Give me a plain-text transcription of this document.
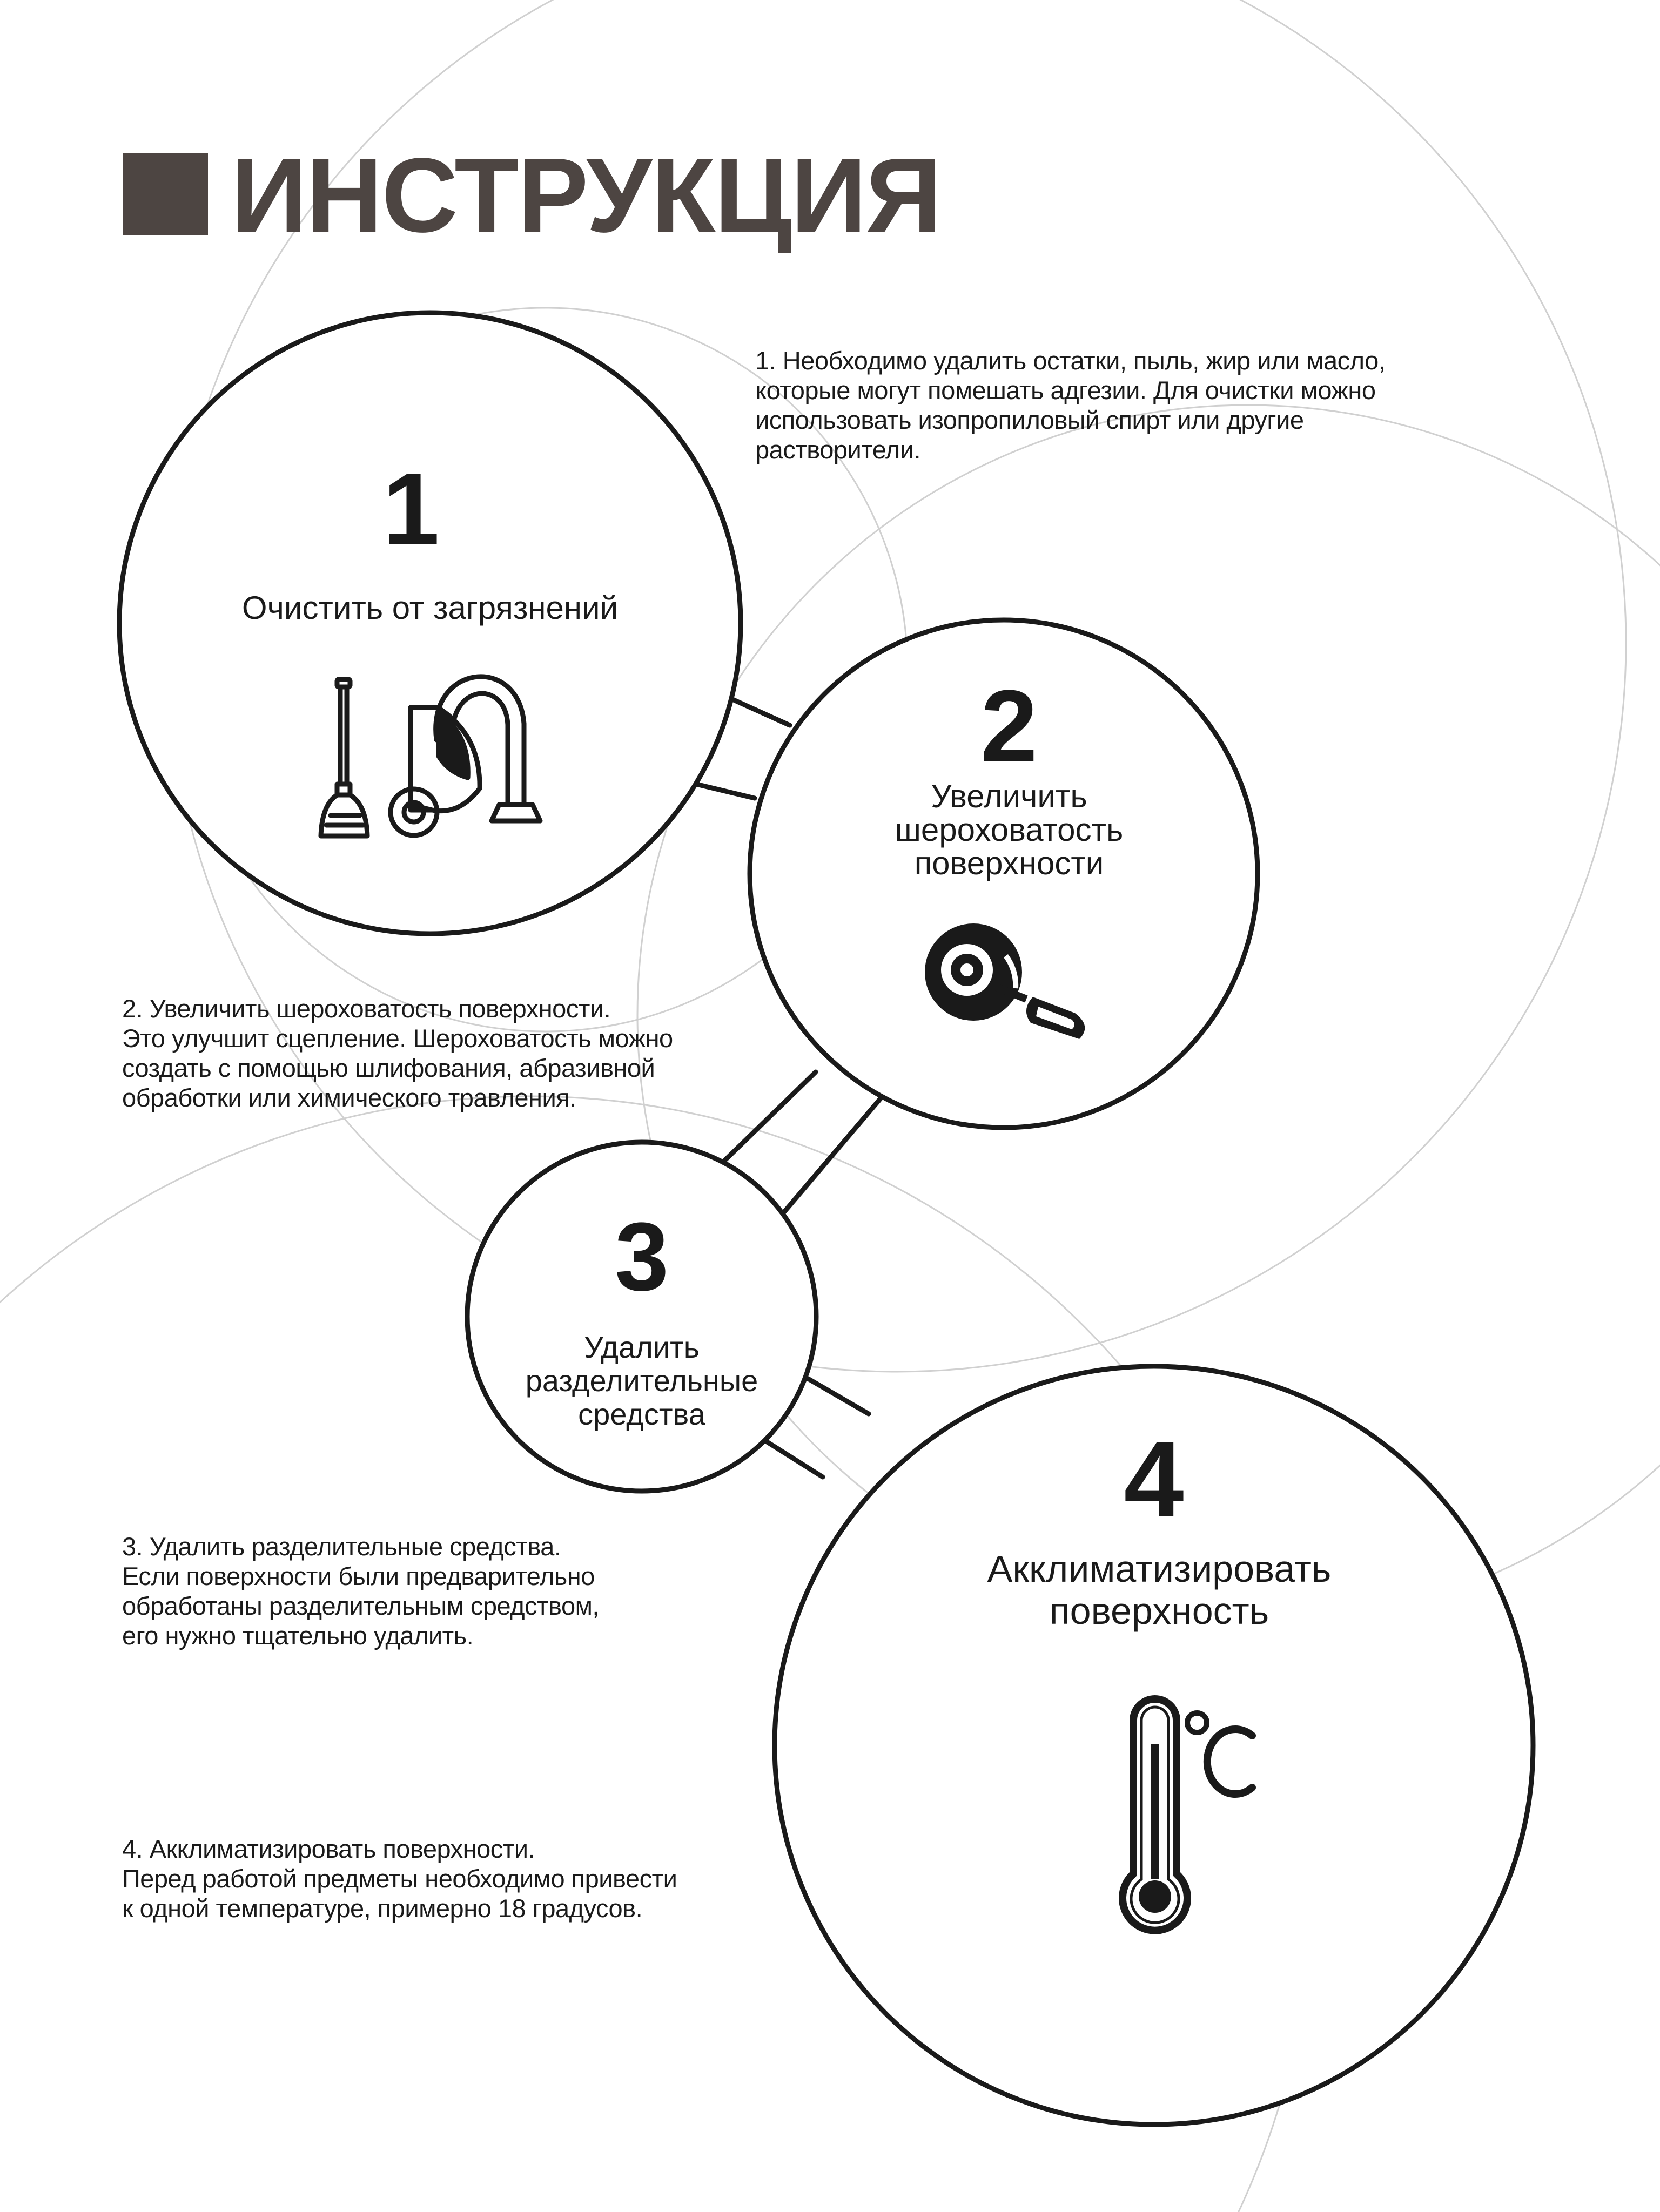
ИНСТРУКЦИЯ
1
Очистить от загрязнений
2
Увеличить
шероховатость
поверхности
3
Удалить
разделительные
средства
4
Акклиматизировать
поверхность
1. Необходимо удалить остатки, пыль, жир или масло,
которые могут помешать адгезии. Для очистки можно
использовать изопропиловый спирт или другие
растворители.
2. Увеличить шероховатость поверхности.
Это улучшит сцепление. Шероховатость можно
создать с помощью шлифования, абразивной
обработки или химического травления.
3. Удалить разделительные средства.
Если поверхности были предварительно
обработаны разделительным средством,
его нужно тщательно удалить.
4. Акклиматизировать поверхности.
Перед работой предметы необходимо привести
к одной температуре, примерно 18 градусов.
